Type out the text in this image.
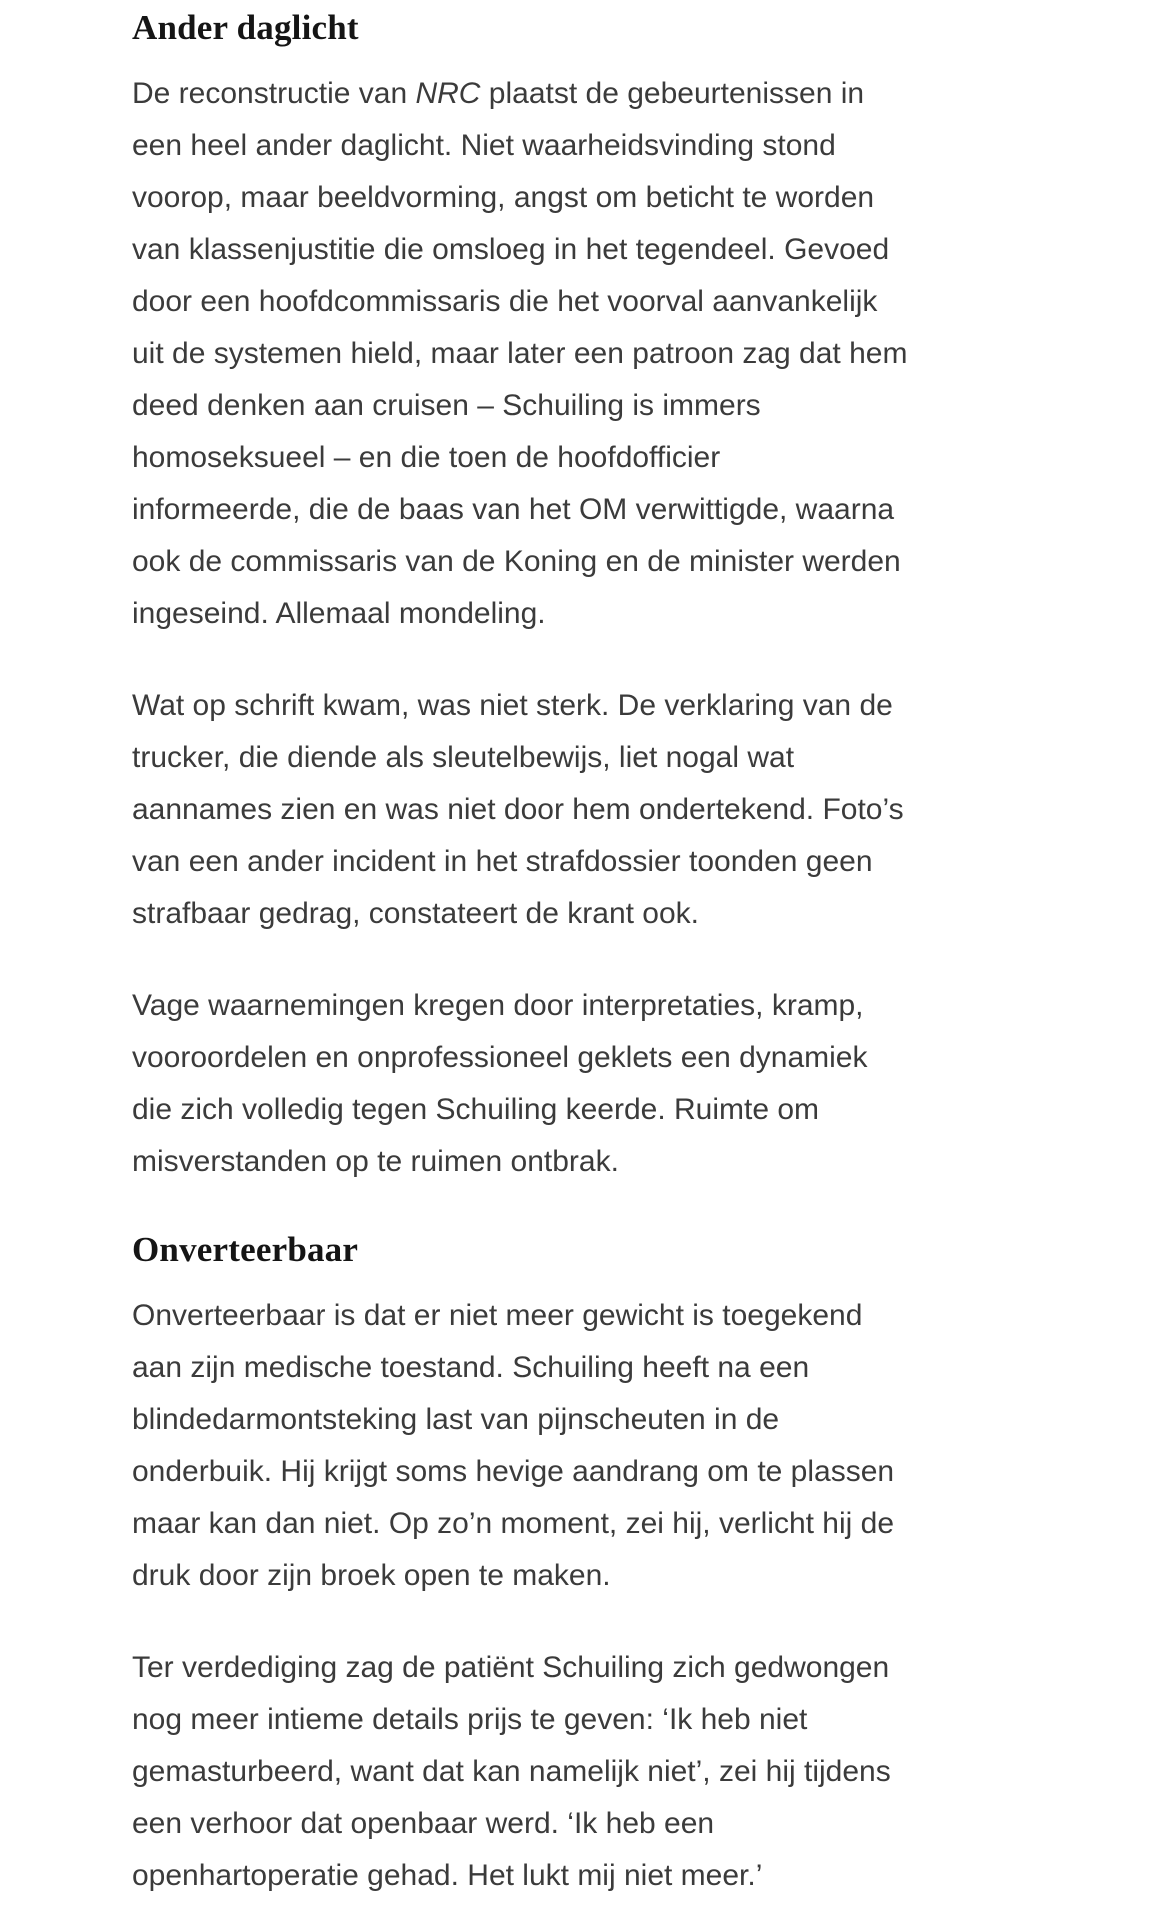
Ander daglicht

De reconstructie van NRC plaatst de gebeurtenissen in
een heel ander daglicht. Niet waarheidsvinding stond
voorop, maar beeldvorming, angst om beticht te worden
van klassenjustitie die omsloeg in het tegendeel. Gevoed
door een hoofdcommissaris die het voorval aanvankelijk
uit de systemen hield, maar later een patroon zag dat hem
deed denken aan cruisen – Schuiling is immers
homoseksueel – en die toen de hoofdofficier
informeerde, die de baas van het OM verwittigde, waarna
ook de commissaris van de Koning en de minister werden
ingeseind. Allemaal mondeling.

Wat op schrift kwam, was niet sterk. De verklaring van de
trucker, die diende als sleutelbewijs, liet nogal wat
aannames zien en was niet door hem ondertekend. Foto’s
van een ander incident in het strafdossier toonden geen
strafbaar gedrag, constateert de krant ook.

Vage waarnemingen kregen door interpretaties, kramp,
vooroordelen en onprofessioneel geklets een dynamiek
die zich volledig tegen Schuiling keerde. Ruimte om
misverstanden op te ruimen ontbrak.

Onverteerbaar

Onverteerbaar is dat er niet meer gewicht is toegekend
aan zijn medische toestand. Schuiling heeft na een
blindedarmontsteking last van pijnscheuten in de
onderbuik. Hij krijgt soms hevige aandrang om te plassen
maar kan dan niet. Op zo’n moment, zei hij, verlicht hij de
druk door zijn broek open te maken.

Ter verdediging zag de patiënt Schuiling zich gedwongen
nog meer intieme details prijs te geven: ‘Ik heb niet
gemasturbeerd, want dat kan namelijk niet’, zei hij tijdens
een verhoor dat openbaar werd. ‘Ik heb een
openhartoperatie gehad. Het lukt mij niet meer.’
